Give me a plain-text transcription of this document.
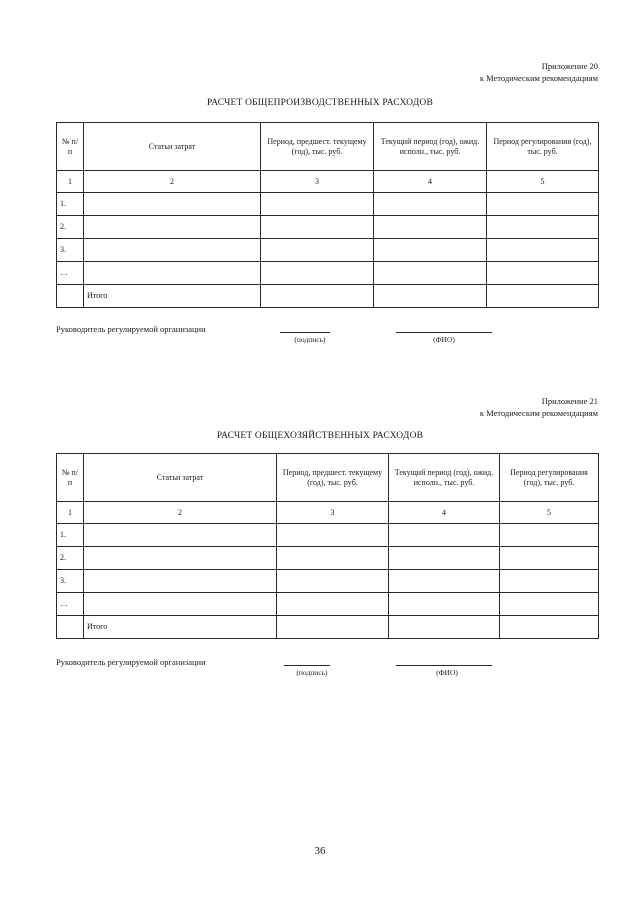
Приложение 20
к Методическим рекомендациям
РАСЧЕТ ОБЩЕПРОИЗВОДСТВЕННЫХ РАСХОДОВ
№ п/п	Статьи затрат	Период, предшест. текущему (год), тыс. руб.	Текущий период (год), ожид. исполн., тыс. руб.	Период регулирования (год), тыс. руб.
1	2	3	4	5
1.				
2.				
3.				
…				
	Итого			
Руководитель регулируемой организации
(подпись)	(ФИО)
Приложение 21
к Методическим рекомендациям
РАСЧЕТ ОБЩЕХОЗЯЙСТВЕННЫХ РАСХОДОВ
№ п/п	Статьи затрат	Период, предшест. текущему (год), тыс. руб.	Текущий период (год), ожид. исполн., тыс. руб.	Период регулирования (год), тыс. руб.
1	2	3	4	5
1.				
2.				
3.				
…				
	Итого			
Руководитель регулируемой организации
(подпись)	(ФИО)
36
